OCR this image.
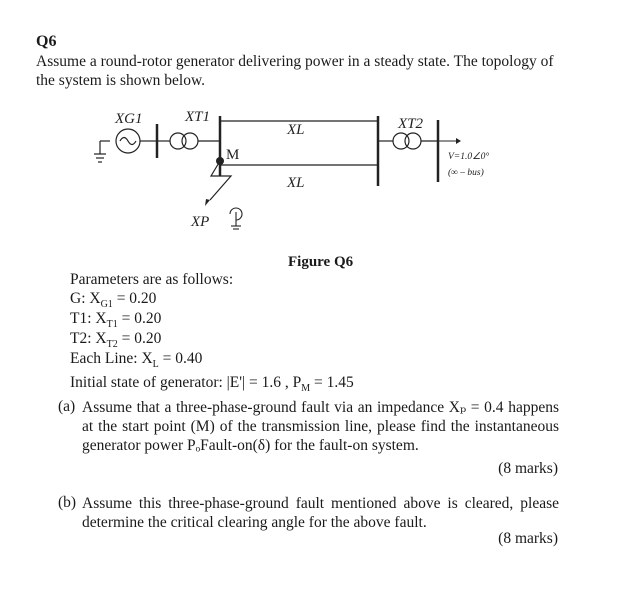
Q6
Assume a round-rotor generator delivering power in a steady state. The topology of the system is shown below.
XG1	XT1
XL
XL
XT2
XP
V=1.0∠0°
(∞ – bus)
M
Figure Q6
Parameters are as follows:
G: $X_{G1} = 0.20$
T1: $X_{T1} = 0.20$
T2: $X_{T2} = 0.20$
Each Line: $X_L = 0.40$
Initial state of generator: |E'| = 1.6 , $P_M = 1.45$
(a) Assume that a three-phase-ground fault via an impedance Xₚ = 0.4 happens at the start point (M) of the transmission line, please find the instantaneous generator power PₒFault-on(δ) for the fault-on system.
(8 marks)
(b) Assume this three-phase-ground fault mentioned above is cleared, please determine the critical clearing angle for the above fault.
(8 marks)
